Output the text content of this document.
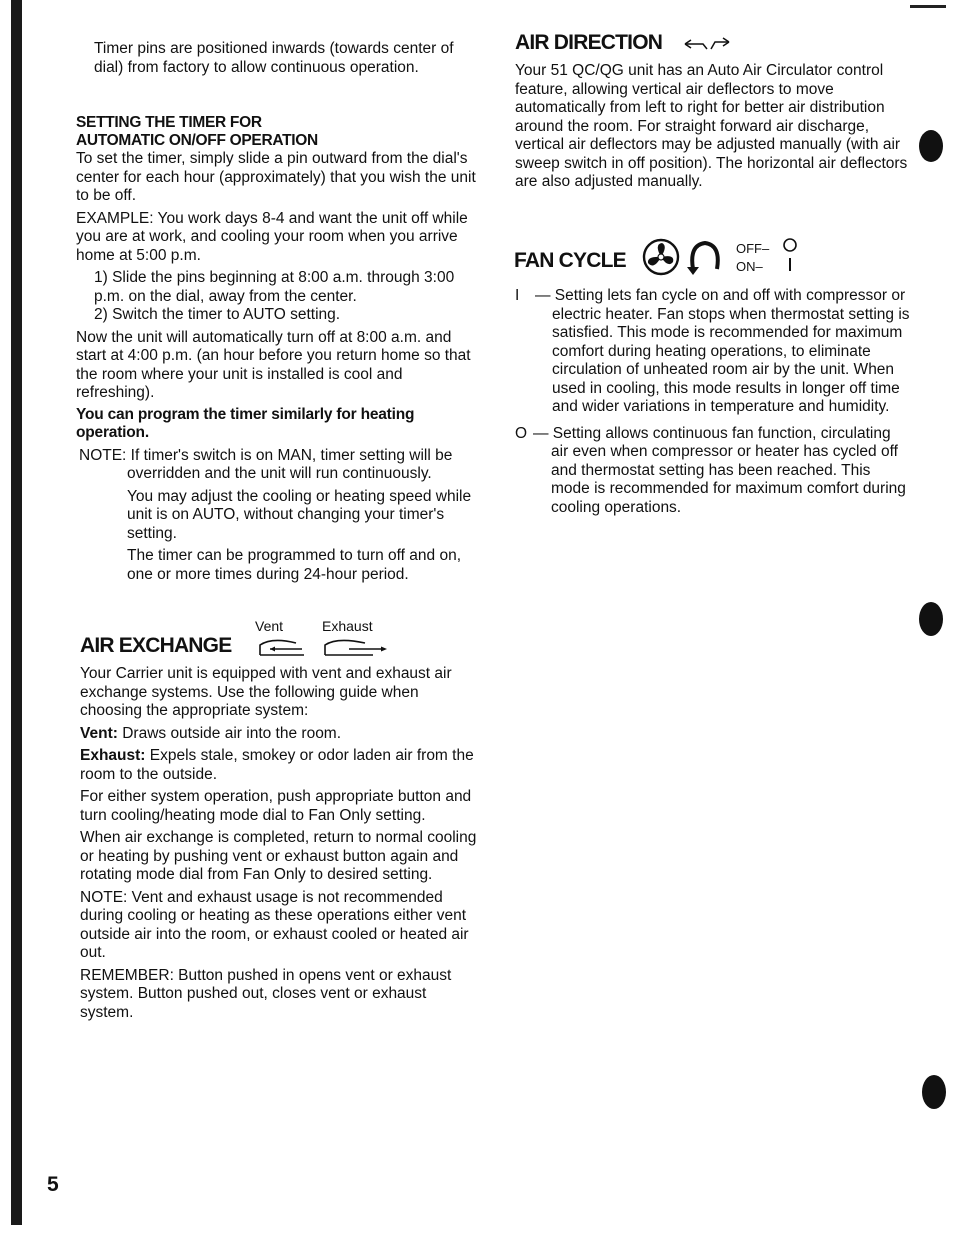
5

Timer pins are positioned inwards (towards center of dial) from factory to allow continuous operation.

SETTING THE TIMER FOR
AUTOMATIC ON/OFF OPERATION

To set the timer, simply slide a pin outward from the dial's center for each hour (approximately) that you wish the unit to be off.

EXAMPLE: You work days 8-4 and want the unit off while you are at work, and cooling your room when you arrive home at 5:00 p.m.

1) Slide the pins beginning at 8:00 a.m. through 3:00 p.m. on the dial, away from the center.

2) Switch the timer to AUTO setting.

Now the unit will automatically turn off at 8:00 a.m. and start at 4:00 p.m. (an hour before you return home so that the room where your unit is installed is cool and refreshing).

You can program the timer similarly for heating operation.

NOTE: If timer's switch is on MAN, timer setting will be

overridden and the unit will run continuously.

You may adjust the cooling or heating speed while unit is on AUTO, without changing your timer's setting.

The timer can be programmed to turn off and on, one or more times during 24-hour period.

Vent	Exhaust
AIR EXCHANGE

Your Carrier unit is equipped with vent and exhaust air exchange systems. Use the following guide when choosing the appropriate system:

Vent: Draws outside air into the room.

Exhaust: Expels stale, smokey or odor laden air from the room to the outside.

For either system operation, push appropriate button and turn cooling/heating mode dial to Fan Only setting.

When air exchange is completed, return to normal cooling or heating by pushing vent or exhaust button again and rotating mode dial from Fan Only to desired setting.

NOTE: Vent and exhaust usage is not recommended during cooling or heating as these operations either vent outside air into the room, or exhaust cooled or heated air out.

REMEMBER: Button pushed in opens vent or exhaust system. Button pushed out, closes vent or exhaust system.

AIR DIRECTION

Your 51 QC/QG unit has an Auto Air Circulator control feature, allowing vertical air deflectors to move automatically from left to right for better air distribution around the room. For straight forward air discharge, vertical air deflectors may be adjusted manually (with air sweep switch in off position). The horizontal air deflectors are also adjusted manually.

FAN CYCLE
OFF–
ON–
I	— Setting lets fan cycle on and off with compressor or electric heater. Fan stops when thermostat setting is satisfied. This mode is recommended for maximum comfort during heating operations, to eliminate circulation of unheated room air by the unit. When used in cooling, this mode results in longer off time and wider variations in temperature and humidity.

O — Setting allows continuous fan function, circulating air even when compressor or heater has cycled off and thermostat setting has been reached. This mode is recommended for maximum comfort during cooling operations.
